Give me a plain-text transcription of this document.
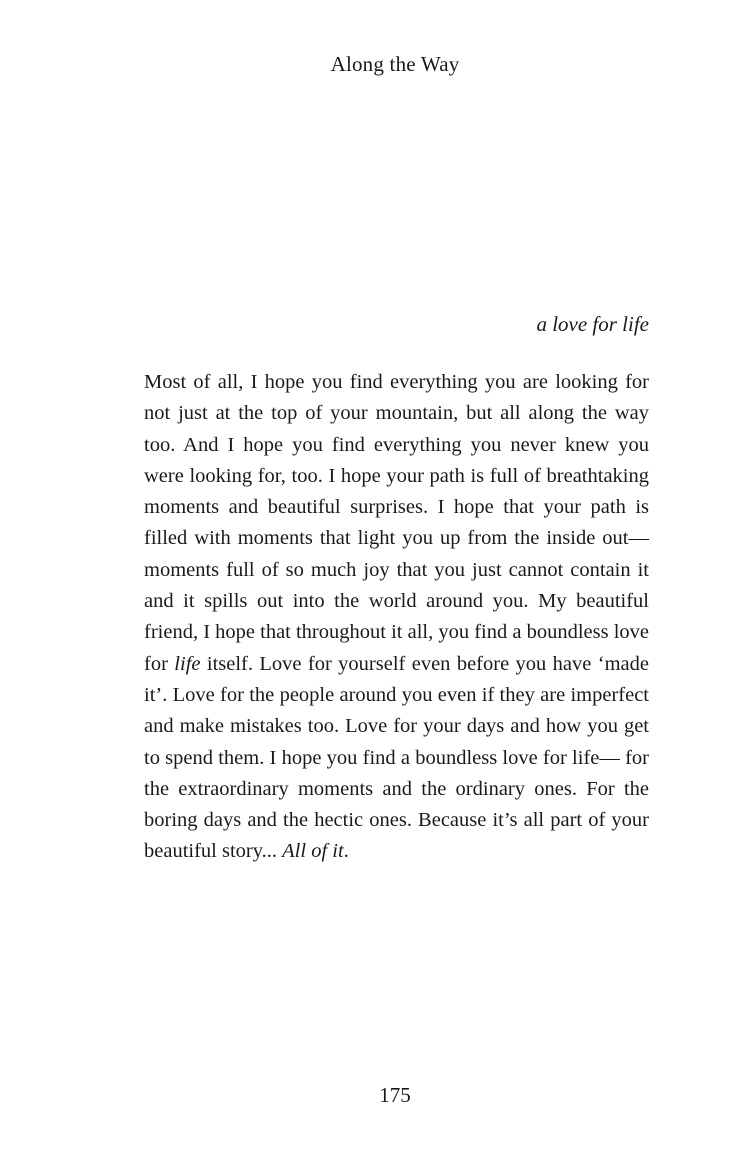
Along the Way
a love for life

Most of all, I hope you find everything you are looking for not just at the top of your mountain, but all along the way too. And I hope you find everything you never knew you were looking for, too. I hope your path is full of breathtaking moments and beautiful surprises. I hope that your path is filled with moments that light you up from the inside out— moments full of so much joy that you just cannot contain it and it spills out into the world around you. My beautiful friend, I hope that throughout it all, you find a boundless love for life itself. Love for yourself even before you have ‘made it’. Love for the people around you even if they are imperfect and make mistakes too. Love for your days and how you get to spend them. I hope you find a boundless love for life— for the extraordinary moments and the ordinary ones. For the boring days and the hectic ones. Because it’s all part of your beautiful story... All of it.

175
